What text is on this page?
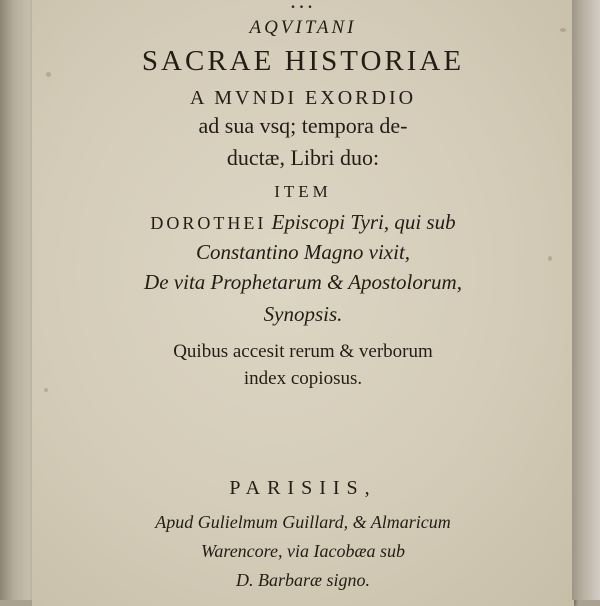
...
AQVITANI
SACRAE HISTORIAE
A MVNDI EXORDIO
ad sua vsq; tempora de-
ductæ, Libri duo:
ITEM
DOROTHEI Episcopi Tyri, qui sub
Constantino Magno vixit,
De vita Prophetarum & Apostolorum,
Synopsis.
Quibus accesit rerum & verborum
index copiosus.
PARISIIS,
Apud Gulielmum Guillard, & Almaricum
Warencore, via Iacobæa sub
D. Barbaræ signo.
